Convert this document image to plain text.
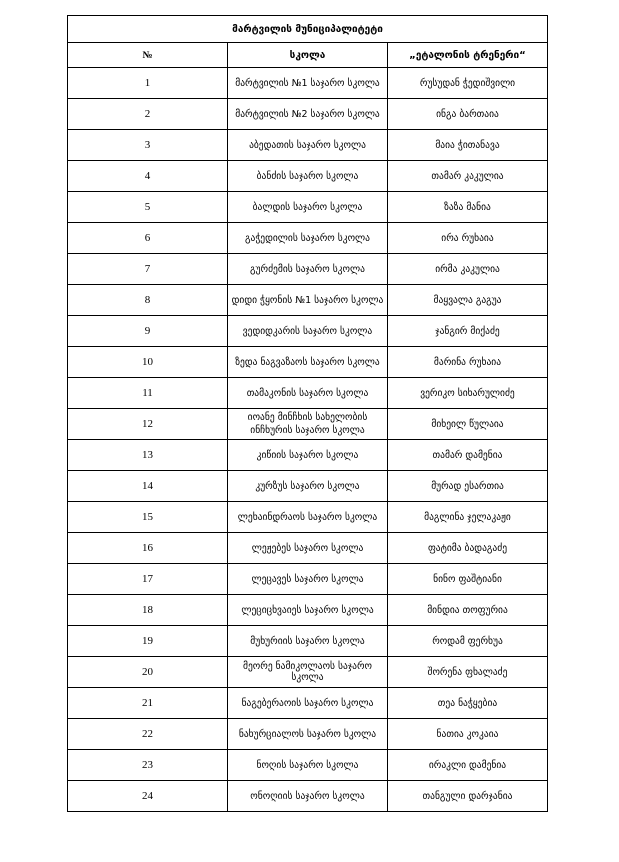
მარტვილის მუნიციპალიტეტი		
№	სკოლა	„ეტალონის ტრენერი“
1	მარტვილის №1 საჯარო სკოლა	რუსუდან ჭედიშვილი
2	მარტვილის №2 საჯარო სკოლა	ინგა ბართაია
3	აბედათის საჯარო სკოლა	მაია ჭითანავა
4	ბანძის საჯარო სკოლა	თამარ კაკულია
5	ბალდის საჯარო სკოლა	ზაზა მანია
6	გაჭედილის საჯარო სკოლა	ირა რუხაია
7	გურძემის საჯარო სკოლა	ირმა კაკულია
8	დიდი ჭყონის №1 საჯარო სკოლა	მაყვალა გაგუა
9	ვედიდკარის საჯარო სკოლა	ჯანგირ მიქაძე
10	ზედა ნაგვაზაოს საჯარო სკოლა	მარინა რუხაია
11	თამაკონის საჯარო სკოლა	ვერიკო სიხარულიძე
12	იოანე მინჩხის სახელობის ინჩხურის საჯარო სკოლა	მიხეილ წულაია
13	კიწიის საჯარო სკოლა	თამარ დამენია
14	კურზუს საჯარო სკოლა	მურად ესართია
15	ლეხაინდრაოს საჯარო სკოლა	მაგლინა ჯელაკაჟი
16	ლეჟებეს საჯარო სკოლა	ფატიმა ბადაგაძე
17	ლეცავეს საჯარო სკოლა	ნინო ფაშტიანი
18	ლეციცხვაიეს საჯარო სკოლა	მინდია თოფურია
19	მუხურიის საჯარო სკოლა	როდამ ფერხუა
20	მეორე ნამიკოლაოს საჯარო სკოლა	შორენა ფხალაძე
21	ნაგებერაოის საჯარო სკოლა	თეა ნაჭყებია
22	ნახურციალოს საჯარო სკოლა	ნათია კოკაია
23	ნოღის საჯარო სკოლა	ირაკლი დამენია
24	ონოღიის საჯარო სკოლა	თანგული დარჯანია
